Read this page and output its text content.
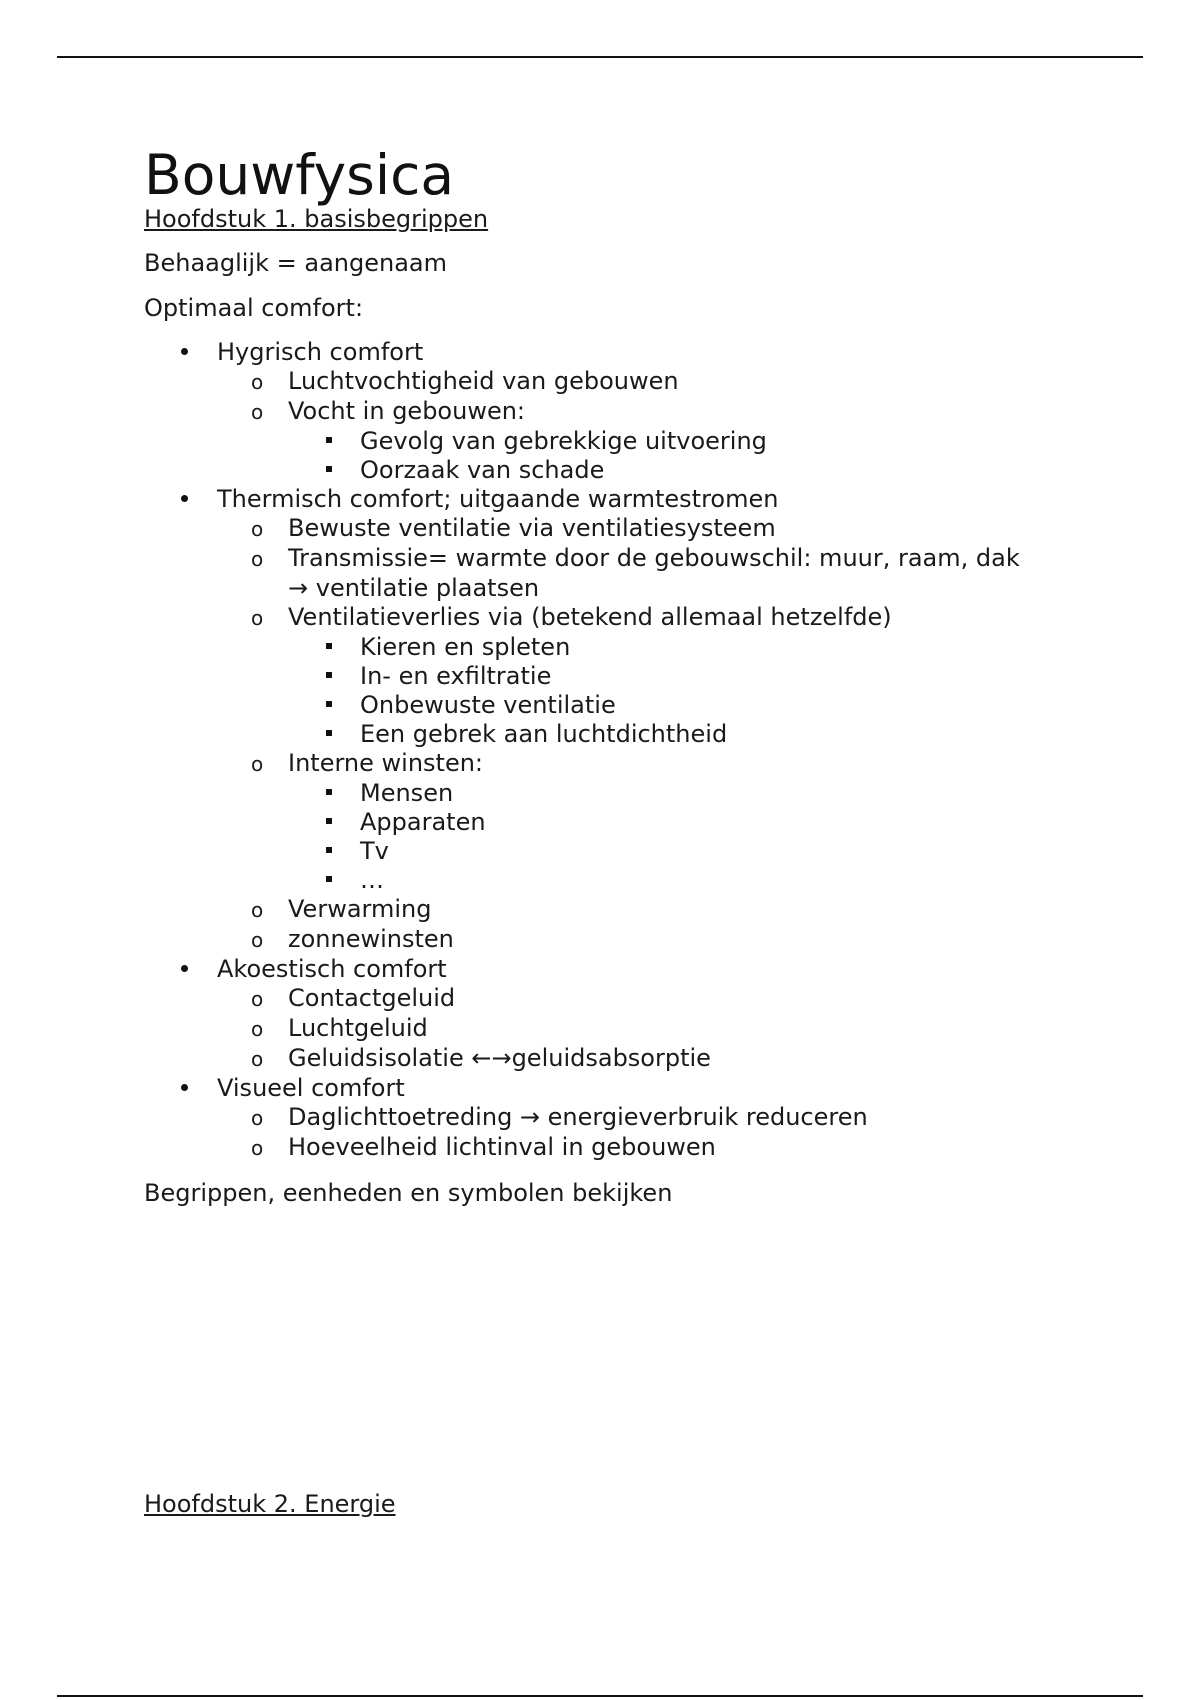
Bouwfysica
Hoofdstuk 1. basisbegrippen
Behaaglijk = aangenaam
Optimaal comfort:
Hygrisch comfort
o	Luchtvochtigheid van gebouwen
o	Vocht in gebouwen:
Gevolg van gebrekkige uitvoering
Oorzaak van schade
Thermisch comfort; uitgaande warmtestromen
o	Bewuste ventilatie via ventilatiesysteem
o	Transmissie= warmte door de gebouwschil: muur, raam, dak
→ ventilatie plaatsen
o	Ventilatieverlies via (betekend allemaal hetzelfde)
Kieren en spleten
In- en exfiltratie
Onbewuste ventilatie
Een gebrek aan luchtdichtheid
o	Interne winsten:
Mensen
Apparaten
Tv
…
o	Verwarming
o	zonnewinsten
Akoestisch comfort
o	Contactgeluid
o	Luchtgeluid
o	Geluidsisolatie ←→geluidsabsorptie
Visueel comfort
o	Daglichttoetreding → energieverbruik reduceren
o	Hoeveelheid lichtinval in gebouwen
Begrippen, eenheden en symbolen bekijken
Hoofdstuk 2. Energie
